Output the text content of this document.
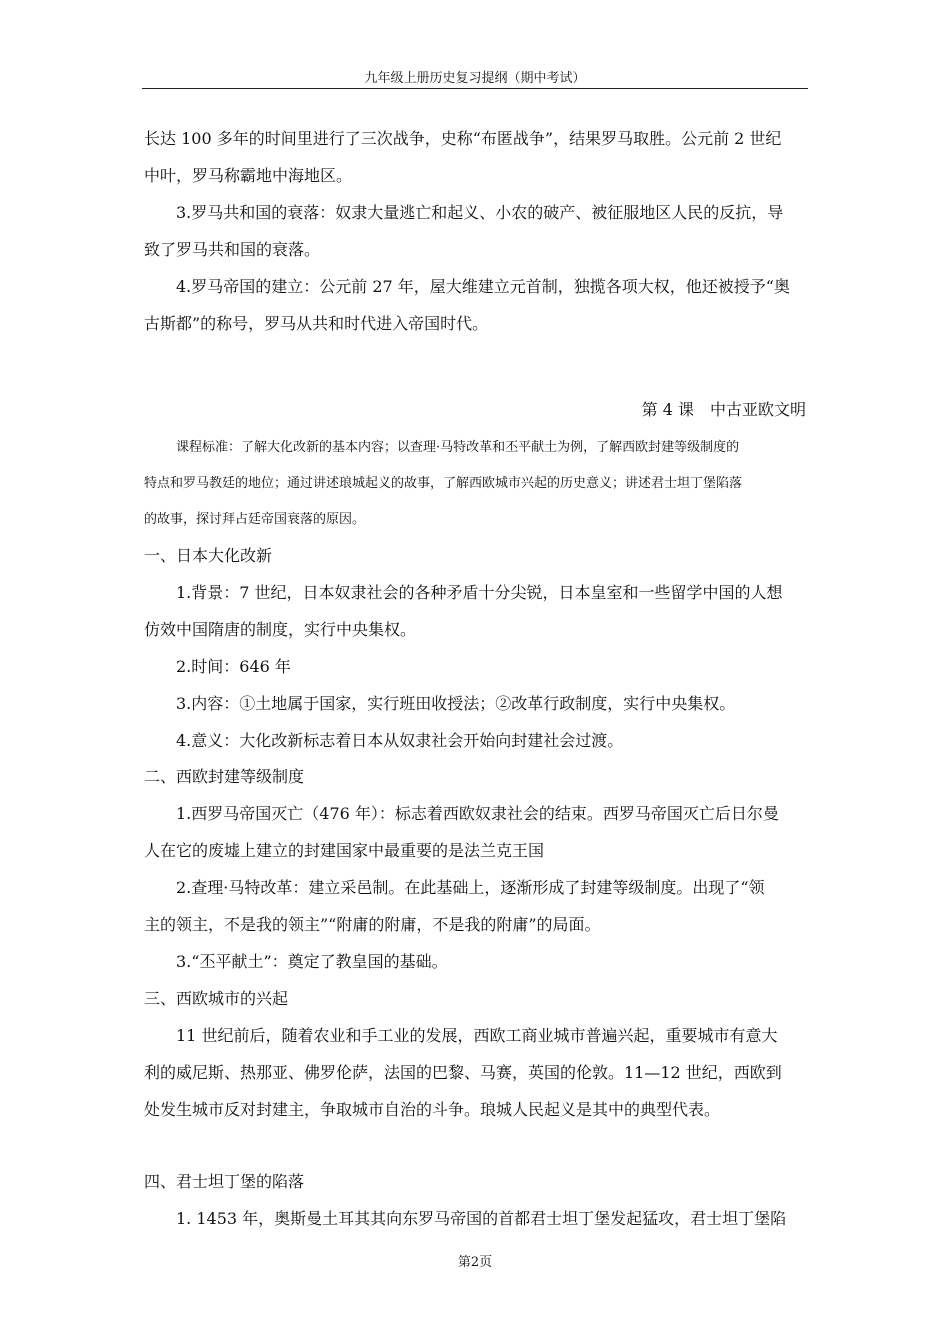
九年级上册历史复习提纲（期中考试）
长达 100 多年的时间里进行了三次战争，史称“布匿战争”，结果罗马取胜。公元前 2 世纪
中叶，罗马称霸地中海地区。
3.罗马共和国的衰落：奴隶大量逃亡和起义、小农的破产、被征服地区人民的反抗，导
致了罗马共和国的衰落。
4.罗马帝国的建立：公元前 27 年，屋大维建立元首制，独揽各项大权，他还被授予“奥
古斯都”的称号，罗马从共和时代进入帝国时代。
第 4 课　中古亚欧文明
课程标准：了解大化改新的基本内容；以查理·马特改革和丕平献土为例，了解西欧封建等级制度的
特点和罗马教廷的地位；通过讲述琅城起义的故事，了解西欧城市兴起的历史意义；讲述君士坦丁堡陷落
的故事，探讨拜占廷帝国衰落的原因。
一、日本大化改新
1.背景：7 世纪，日本奴隶社会的各种矛盾十分尖锐，日本皇室和一些留学中国的人想
仿效中国隋唐的制度，实行中央集权。
2.时间：646 年
3.内容：①土地属于国家，实行班田收授法；②改革行政制度，实行中央集权。
4.意义：大化改新标志着日本从奴隶社会开始向封建社会过渡。
二、西欧封建等级制度
1.西罗马帝国灭亡（476 年）：标志着西欧奴隶社会的结束。西罗马帝国灭亡后日尔曼
人在它的废墟上建立的封建国家中最重要的是法兰克王国
2.查理·马特改革：建立采邑制。在此基础上，逐渐形成了封建等级制度。出现了“领
主的领主，不是我的领主”“附庸的附庸，不是我的附庸”的局面。
3.“丕平献土”：奠定了教皇国的基础。
三、西欧城市的兴起
11 世纪前后，随着农业和手工业的发展，西欧工商业城市普遍兴起，重要城市有意大
利的威尼斯、热那亚、佛罗伦萨，法国的巴黎、马赛，英国的伦敦。11—12 世纪，西欧到
处发生城市反对封建主，争取城市自治的斗争。琅城人民起义是其中的典型代表。
四、君士坦丁堡的陷落
1. 1453 年，奥斯曼土耳其其向东罗马帝国的首都君士坦丁堡发起猛攻，君士坦丁堡陷
第2页
